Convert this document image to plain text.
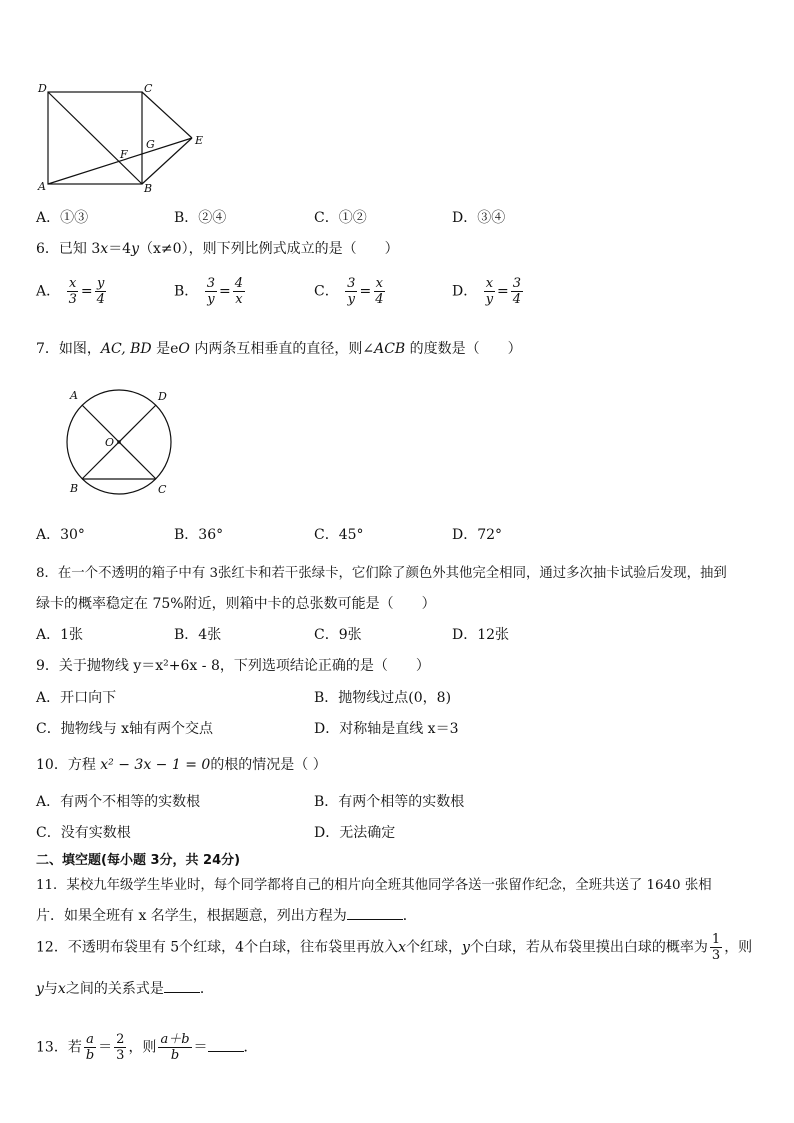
D	C
A	B
E
F
G
A．①③	B．②④	C．①②	D．③④
6．已知 3x＝4y（x≠0），则下列比例式成立的是（　　）
A． $\frac{x}{3} = \frac{y}{4}$	B． $\frac{3}{y} = \frac{4}{x}$	C． $\frac{3}{y} = \frac{x}{4}$	D． $\frac{x}{y} = \frac{3}{4}$
7．如图，AC, BD 是eO 内两条互相垂直的直径，则∠ACB 的度数是（　　）
A	D
O
B	C
A．30°	B．36°	C．45°	D．72°
8．在一个不透明的箱子中有 3张红卡和若干张绿卡，它们除了颜色外其他完全相同，通过多次抽卡试验后发现，抽到
绿卡的概率稳定在 75%附近，则箱中卡的总张数可能是（　　）
A．1张	B．4张	C．9张	D．12张
9．关于抛物线 y＝x²+6x - 8，下列选项结论正确的是（　　）
A．开口向下	B．抛物线过点(0，8)
C．抛物线与 x轴有两个交点	D．对称轴是直线 x＝3
10．方程 x² − 3x − 1 = 0的根的情况是（ ）
A．有两个不相等的实数根	B．有两个相等的实数根
C．没有实数根	D．无法确定
二、填空题(每小题 3分，共 24分)
11．某校九年级学生毕业时，每个同学都将自己的相片向全班其他同学各送一张留作纪念，全班共送了 1640 张相
片．如果全班有 x 名学生，根据题意，列出方程为	．
12．不透明布袋里有 5个红球，4个白球，往布袋里再放入x个红球，y个白球，若从布袋里摸出白球的概率为 $\frac{1}{3}$ ，则
y与x之间的关系式是	．
13．若 $\frac{a}{b} = \frac{2}{3}$ ，则 $\frac{a+b}{b}$ ＝	．
